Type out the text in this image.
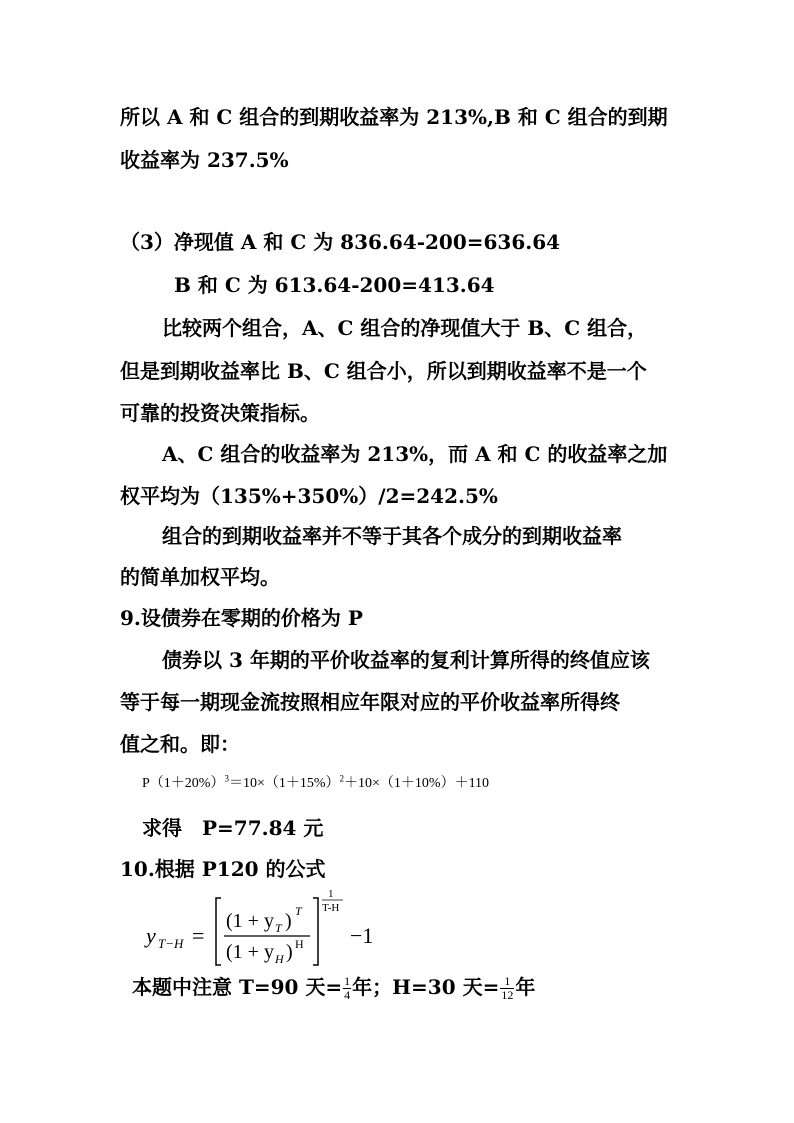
所以 A 和 C 组合的到期收益率为 213%,B 和 C 组合的到期
收益率为 237.5%
（3）净现值 A 和 C 为 836.64-200=636.64
B 和 C 为 613.64-200=413.64
比较两个组合，A、C 组合的净现值大于 B、C 组合，
但是到期收益率比 B、C 组合小，所以到期收益率不是一个
可靠的投资决策指标。
A、C 组合的收益率为 213%，而 A 和 C 的收益率之加
权平均为（135%+350%）/2=242.5%
组合的到期收益率并不等于其各个成分的到期收益率
的简单加权平均。
9.设债券在零期的价格为 P
债券以 3 年期的平价收益率的复利计算所得的终值应该
等于每一期现金流按照相应年限对应的平价收益率所得终
值之和。即：
$P(1+20\%)^3=10\times(1+15\%)^2+10\times(1+10\%)+110$
求得　P=77.84 元
10.根据 P120 的公式
y T−H =
(1 + y T ) T
(1 + y H ) H
1
T-H
−1
本题中注意 T=90 天= $\frac{1}{4}$ 年；H=30 天= $\frac{1}{12}$ 年
